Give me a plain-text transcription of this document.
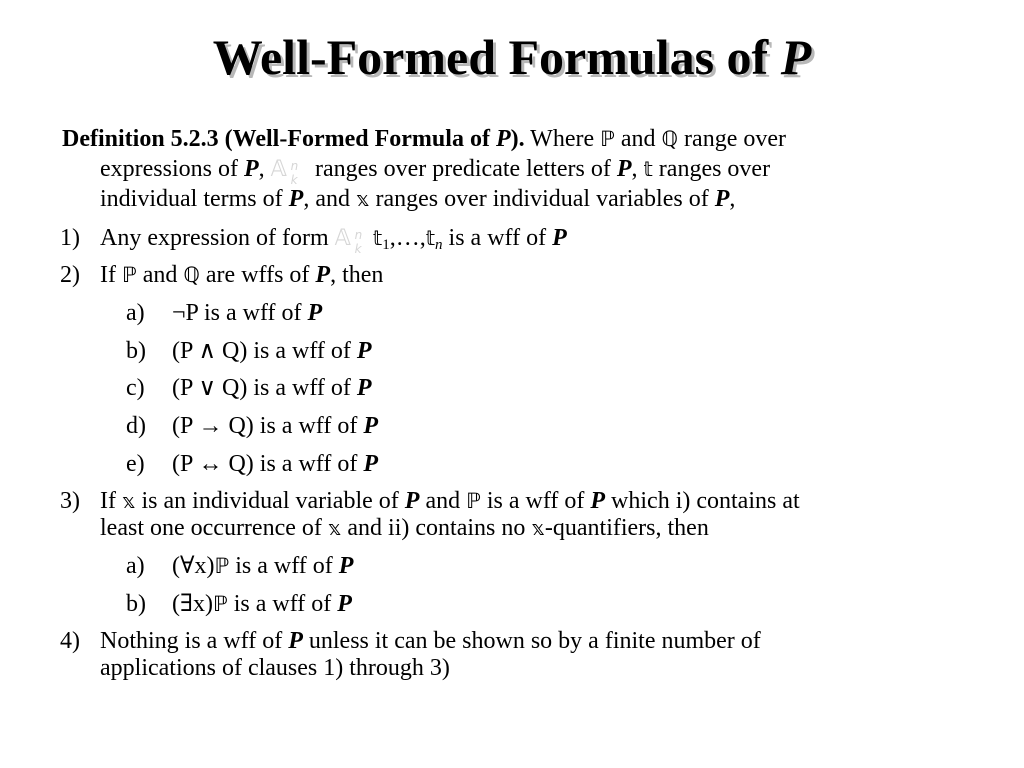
Well-Formed Formulas of P
Definition 5.2.3 (Well-Formed Formula of P). Where ℙ and ℚ range over
expressions of P, 𝔸 n
k ranges over predicate letters of P, 𝕥 ranges over
individual terms of P, and 𝕩 ranges over individual variables of P,
1) Any expression of form 𝔸 n
k 𝕥1,…,𝕥n is a wff of P
2) If ℙ and ℚ are wffs of P, then
a) ¬P is a wff of P
b) (P ∧ Q) is a wff of P
c) (P ∨ Q) is a wff of P
d) (P → Q) is a wff of P
e) (P ↔ Q) is a wff of P
3) If 𝕩 is an individual variable of P and ℙ is a wff of P which i) contains at
least one occurrence of 𝕩 and ii) contains no 𝕩-quantifiers, then
a) (∀x)ℙ is a wff of P
b) (∃x)ℙ is a wff of P
4) Nothing is a wff of P unless it can be shown so by a finite number of
applications of clauses 1) through 3)
